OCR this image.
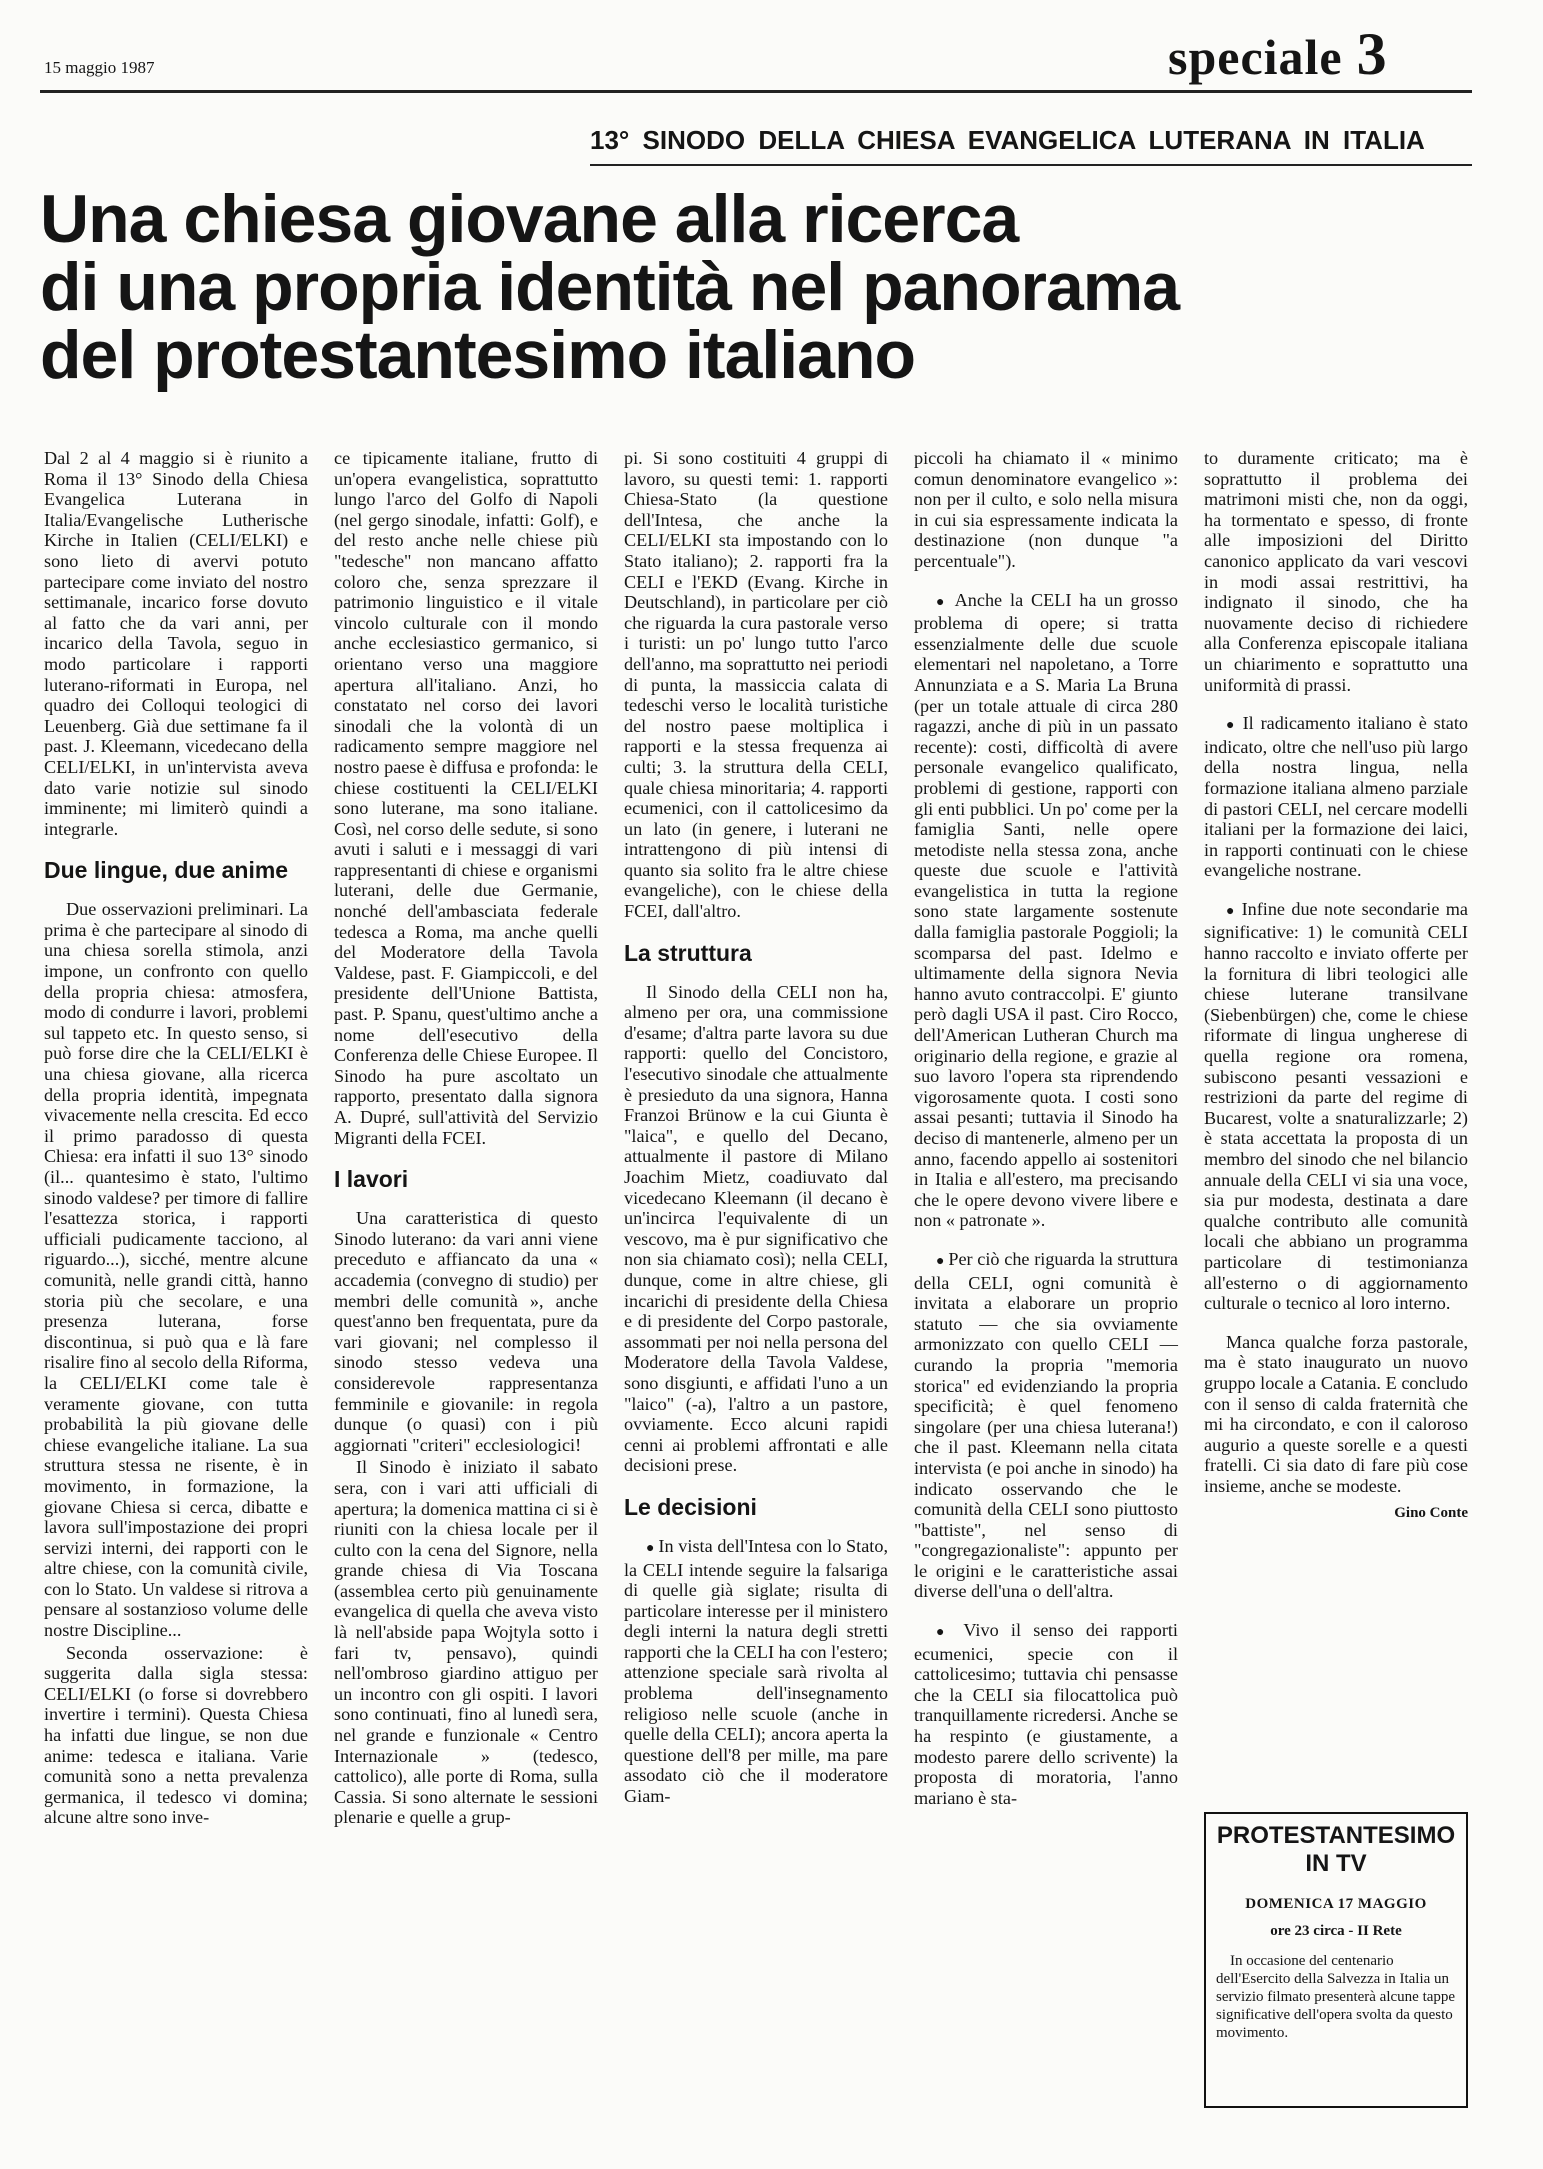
15 maggio 1987	speciale 3
13° SINODO DELLA CHIESA EVANGELICA LUTERANA IN ITALIA
Una chiesa giovane alla ricerca
di una propria identità nel panorama
del protestantesimo italiano

Dal 2 al 4 maggio si è riunito a Roma il 13° Sinodo della Chiesa Evangelica Luterana in Italia/Evangelische Lutherische Kirche in Italien (CELI/ELKI) e sono lieto di avervi potuto partecipare come inviato del nostro settimanale, incarico forse dovuto al fatto che da vari anni, per incarico della Tavola, seguo in modo particolare i rapporti luterano-riformati in Europa, nel quadro dei Colloqui teologici di Leuenberg. Già due settimane fa il past. J. Kleemann, vicedecano della CELI/ELKI, in un'intervista aveva dato varie notizie sul sinodo imminente; mi limiterò quindi a integrarle.

Due lingue, due anime

Due osservazioni preliminari. La prima è che partecipare al sinodo di una chiesa sorella stimola, anzi impone, un confronto con quello della propria chiesa: atmosfera, modo di condurre i lavori, problemi sul tappeto etc. In questo senso, si può forse dire che la CELI/ELKI è una chiesa giovane, alla ricerca della propria identità, impegnata vivacemente nella crescita. Ed ecco il primo paradosso di questa Chiesa: era infatti il suo 13° sinodo (il... quantesimo è stato, l'ultimo sinodo valdese? per timore di fallire l'esattezza storica, i rapporti ufficiali pudicamente tacciono, al riguardo...), sicché, mentre alcune comunità, nelle grandi città, hanno storia più che secolare, e una presenza luterana, forse discontinua, si può qua e là fare risalire fino al secolo della Riforma, la CELI/ELKI come tale è veramente giovane, con tutta probabilità la più giovane delle chiese evangeliche italiane. La sua struttura stessa ne risente, è in movimento, in formazione, la giovane Chiesa si cerca, dibatte e lavora sull'impostazione dei propri servizi interni, dei rapporti con le altre chiese, con la comunità civile, con lo Stato. Un valdese si ritrova a pensare al sostanzioso volume delle nostre Discipline...

Seconda osservazione: è suggerita dalla sigla stessa: CELI/ELKI (o forse si dovrebbero invertire i termini). Questa Chiesa ha infatti due lingue, se non due anime: tedesca e italiana. Varie comunità sono a netta prevalenza germanica, il tedesco vi domina; alcune altre sono inve-

ce tipicamente italiane, frutto di un'opera evangelistica, soprattutto lungo l'arco del Golfo di Napoli (nel gergo sinodale, infatti: Golf), e del resto anche nelle chiese più "tedesche" non mancano affatto coloro che, senza sprezzare il patrimonio linguistico e il vitale vincolo culturale con il mondo anche ecclesiastico germanico, si orientano verso una maggiore apertura all'italiano. Anzi, ho constatato nel corso dei lavori sinodali che la volontà di un radicamento sempre maggiore nel nostro paese è diffusa e profonda: le chiese costituenti la CELI/ELKI sono luterane, ma sono italiane. Così, nel corso delle sedute, si sono avuti i saluti e i messaggi di vari rappresentanti di chiese e organismi luterani, delle due Germanie, nonché dell'ambasciata federale tedesca a Roma, ma anche quelli del Moderatore della Tavola Valdese, past. F. Giampiccoli, e del presidente dell'Unione Battista, past. P. Spanu, quest'ultimo anche a nome dell'esecutivo della Conferenza delle Chiese Europee. Il Sinodo ha pure ascoltato un rapporto, presentato dalla signora A. Dupré, sull'attività del Servizio Migranti della FCEI.

I lavori

Una caratteristica di questo Sinodo luterano: da vari anni viene preceduto e affiancato da una « accademia (convegno di studio) per membri delle comunità », anche quest'anno ben frequentata, pure da vari giovani; nel complesso il sinodo stesso vedeva una considerevole rappresentanza femminile e giovanile: in regola dunque (o quasi) con i più aggiornati "criteri" ecclesiologici!

Il Sinodo è iniziato il sabato sera, con i vari atti ufficiali di apertura; la domenica mattina ci si è riuniti con la chiesa locale per il culto con la cena del Signore, nella grande chiesa di Via Toscana (assemblea certo più genuinamente evangelica di quella che aveva visto là nell'abside papa Wojtyla sotto i fari tv, pensavo), quindi nell'ombroso giardino attiguo per un incontro con gli ospiti. I lavori sono continuati, fino al lunedì sera, nel grande e funzionale « Centro Internazionale » (tedesco, cattolico), alle porte di Roma, sulla Cassia. Si sono alternate le sessioni plenarie e quelle a grup-

pi. Si sono costituiti 4 gruppi di lavoro, su questi temi: 1. rapporti Chiesa-Stato (la questione dell'Intesa, che anche la CELI/ELKI sta impostando con lo Stato italiano); 2. rapporti fra la CELI e l'EKD (Evang. Kirche in Deutschland), in particolare per ciò che riguarda la cura pastorale verso i turisti: un po' lungo tutto l'arco dell'anno, ma soprattutto nei periodi di punta, la massiccia calata di tedeschi verso le località turistiche del nostro paese moltiplica i rapporti e la stessa frequenza ai culti; 3. la struttura della CELI, quale chiesa minoritaria; 4. rapporti ecumenici, con il cattolicesimo da un lato (in genere, i luterani ne intrattengono di più intensi di quanto sia solito fra le altre chiese evangeliche), con le chiese della FCEI, dall'altro.

La struttura

Il Sinodo della CELI non ha, almeno per ora, una commissione d'esame; d'altra parte lavora su due rapporti: quello del Concistoro, l'esecutivo sinodale che attualmente è presieduto da una signora, Hanna Franzoi Brünow e la cui Giunta è "laica", e quello del Decano, attualmente il pastore di Milano Joachim Mietz, coadiuvato dal vicedecano Kleemann (il decano è un'incirca l'equivalente di un vescovo, ma è pur significativo che non sia chiamato così); nella CELI, dunque, come in altre chiese, gli incarichi di presidente della Chiesa e di presidente del Corpo pastorale, assommati per noi nella persona del Moderatore della Tavola Valdese, sono disgiunti, e affidati l'uno a un "laico" (-a), l'altro a un pastore, ovviamente. Ecco alcuni rapidi cenni ai problemi affrontati e alle decisioni prese.

Le decisioni

● In vista dell'Intesa con lo Stato, la CELI intende seguire la falsariga di quelle già siglate; risulta di particolare interesse per il ministero degli interni la natura degli stretti rapporti che la CELI ha con l'estero; attenzione speciale sarà rivolta al problema dell'insegnamento religioso nelle scuole (anche in quelle della CELI); ancora aperta la questione dell'8 per mille, ma pare assodato ciò che il moderatore Giam-

piccoli ha chiamato il « minimo comun denominatore evangelico »: non per il culto, e solo nella misura in cui sia espressamente indicata la destinazione (non dunque "a percentuale").

● Anche la CELI ha un grosso problema di opere; si tratta essenzialmente delle due scuole elementari nel napoletano, a Torre Annunziata e a S. Maria La Bruna (per un totale attuale di circa 280 ragazzi, anche di più in un passato recente): costi, difficoltà di avere personale evangelico qualificato, problemi di gestione, rapporti con gli enti pubblici. Un po' come per la famiglia Santi, nelle opere metodiste nella stessa zona, anche queste due scuole e l'attività evangelistica in tutta la regione sono state largamente sostenute dalla famiglia pastorale Poggioli; la scomparsa del past. Idelmo e ultimamente della signora Nevia hanno avuto contraccolpi. E' giunto però dagli USA il past. Ciro Rocco, dell'American Lutheran Church ma originario della regione, e grazie al suo lavoro l'opera sta riprendendo vigorosamente quota. I costi sono assai pesanti; tuttavia il Sinodo ha deciso di mantenerle, almeno per un anno, facendo appello ai sostenitori in Italia e all'estero, ma precisando che le opere devono vivere libere e non « patronate ».

● Per ciò che riguarda la struttura della CELI, ogni comunità è invitata a elaborare un proprio statuto — che sia ovviamente armonizzato con quello CELI — curando la propria "memoria storica" ed evidenziando la propria specificità; è quel fenomeno singolare (per una chiesa luterana!) che il past. Kleemann nella citata intervista (e poi anche in sinodo) ha indicato osservando che le comunità della CELI sono piuttosto "battiste", nel senso di "congregazionaliste": appunto per le origini e le caratteristiche assai diverse dell'una o dell'altra.

● Vivo il senso dei rapporti ecumenici, specie con il cattolicesimo; tuttavia chi pensasse che la CELI sia filocattolica può tranquillamente ricredersi. Anche se ha respinto (e giustamente, a modesto parere dello scrivente) la proposta di moratoria, l'anno mariano è sta-

to duramente criticato; ma è soprattutto il problema dei matrimoni misti che, non da oggi, ha tormentato e spesso, di fronte alle imposizioni del Diritto canonico applicato da vari vescovi in modi assai restrittivi, ha indignato il sinodo, che ha nuovamente deciso di richiedere alla Conferenza episcopale italiana un chiarimento e soprattutto una uniformità di prassi.

● Il radicamento italiano è stato indicato, oltre che nell'uso più largo della nostra lingua, nella formazione italiana almeno parziale di pastori CELI, nel cercare modelli italiani per la formazione dei laici, in rapporti continuati con le chiese evangeliche nostrane.

● Infine due note secondarie ma significative: 1) le comunità CELI hanno raccolto e inviato offerte per la fornitura di libri teologici alle chiese luterane transilvane (Siebenbürgen) che, come le chiese riformate di lingua ungherese di quella regione ora romena, subiscono pesanti vessazioni e restrizioni da parte del regime di Bucarest, volte a snaturalizzarle; 2) è stata accettata la proposta di un membro del sinodo che nel bilancio annuale della CELI vi sia una voce, sia pur modesta, destinata a dare qualche contributo alle comunità locali che abbiano un programma particolare di testimonianza all'esterno o di aggiornamento culturale o tecnico al loro interno.

Manca qualche forza pastorale, ma è stato inaugurato un nuovo gruppo locale a Catania. E concludo con il senso di calda fraternità che mi ha circondato, e con il caloroso augurio a queste sorelle e a questi fratelli. Ci sia dato di fare più cose insieme, anche se modeste.

Gino Conte

PROTESTANTESIMO IN TV
DOMENICA 17 MAGGIO
ore 23 circa - II Rete
In occasione del centenario dell'Esercito della Salvezza in Italia un servizio filmato presenterà alcune tappe significative dell'opera svolta da questo movimento.
